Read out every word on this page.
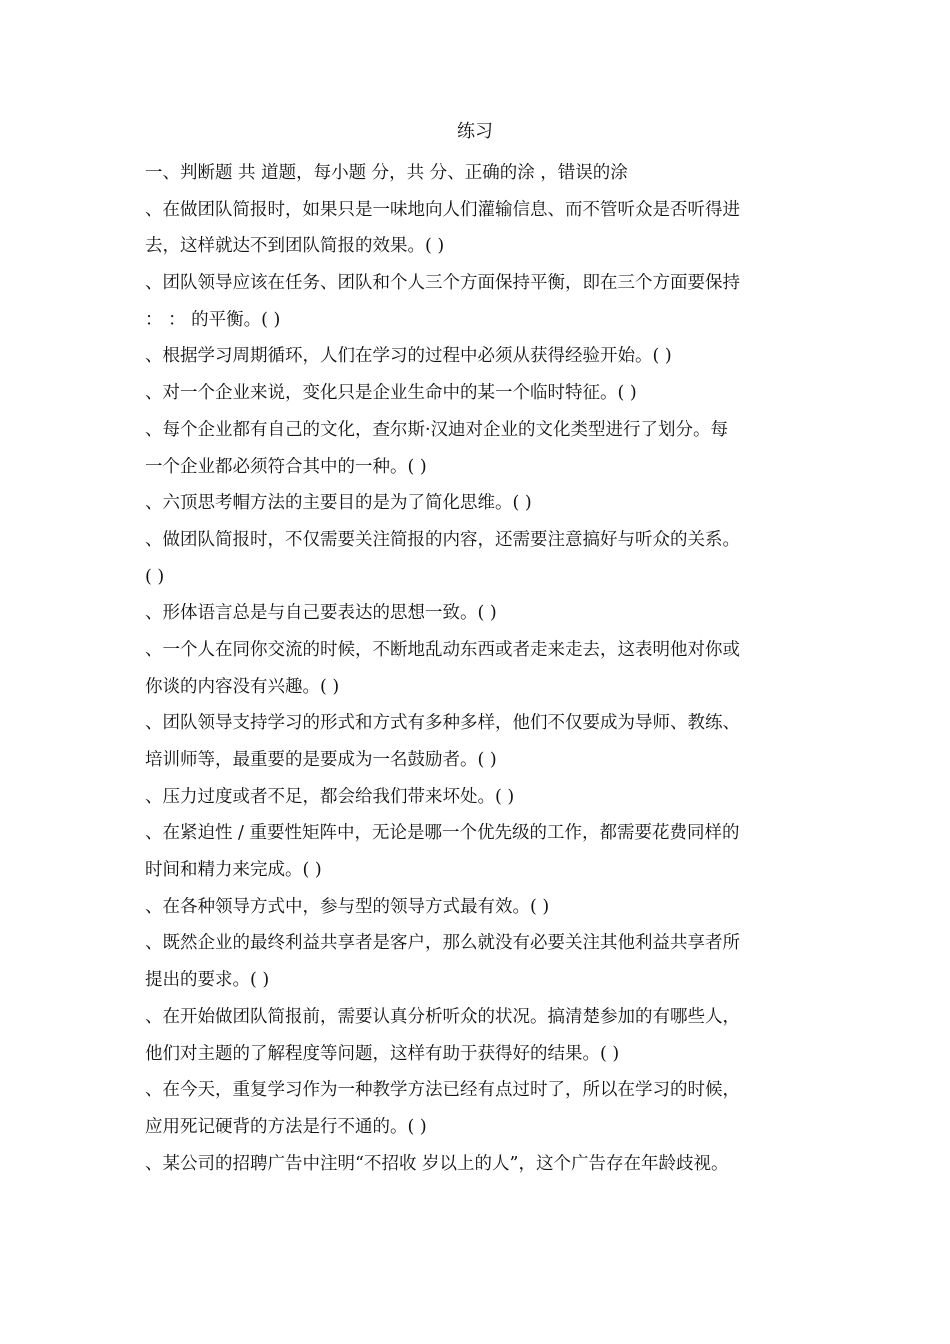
练习
一、判断题 共 道题，每小题 分，共 分、正确的涂 ，错误的涂
、在做团队简报时，如果只是一味地向人们灌输信息、而不管听众是否听得进
去，这样就达不到团队简报的效果。( )
、团队领导应该在任务、团队和个人三个方面保持平衡，即在三个方面要保持
： ： 的平衡。( )
、根据学习周期循环，人们在学习的过程中必须从获得经验开始。( )
、对一个企业来说，变化只是企业生命中的某一个临时特征。( )
、每个企业都有自己的文化，查尔斯·汉迪对企业的文化类型进行了划分。每
一个企业都必须符合其中的一种。( )
、六顶思考帽方法的主要目的是为了简化思维。( )
、做团队简报时，不仅需要关注简报的内容，还需要注意搞好与听众的关系。
( )
、形体语言总是与自己要表达的思想一致。( )
、一个人在同你交流的时候，不断地乱动东西或者走来走去，这表明他对你或
你谈的内容没有兴趣。( )
、团队领导支持学习的形式和方式有多种多样，他们不仅要成为导师、教练、
培训师等，最重要的是要成为一名鼓励者。( )
、压力过度或者不足，都会给我们带来坏处。( )
、在紧迫性 / 重要性矩阵中，无论是哪一个优先级的工作，都需要花费同样的
时间和精力来完成。( )
、在各种领导方式中，参与型的领导方式最有效。( )
、既然企业的最终利益共享者是客户，那么就没有必要关注其他利益共享者所
提出的要求。( )
、在开始做团队简报前，需要认真分析听众的状况。搞清楚参加的有哪些人，
他们对主题的了解程度等问题，这样有助于获得好的结果。( )
、在今天，重复学习作为一种教学方法已经有点过时了，所以在学习的时候，
应用死记硬背的方法是行不通的。( )
、某公司的招聘广告中注明“不招收 岁以上的人”，这个广告存在年龄歧视。
